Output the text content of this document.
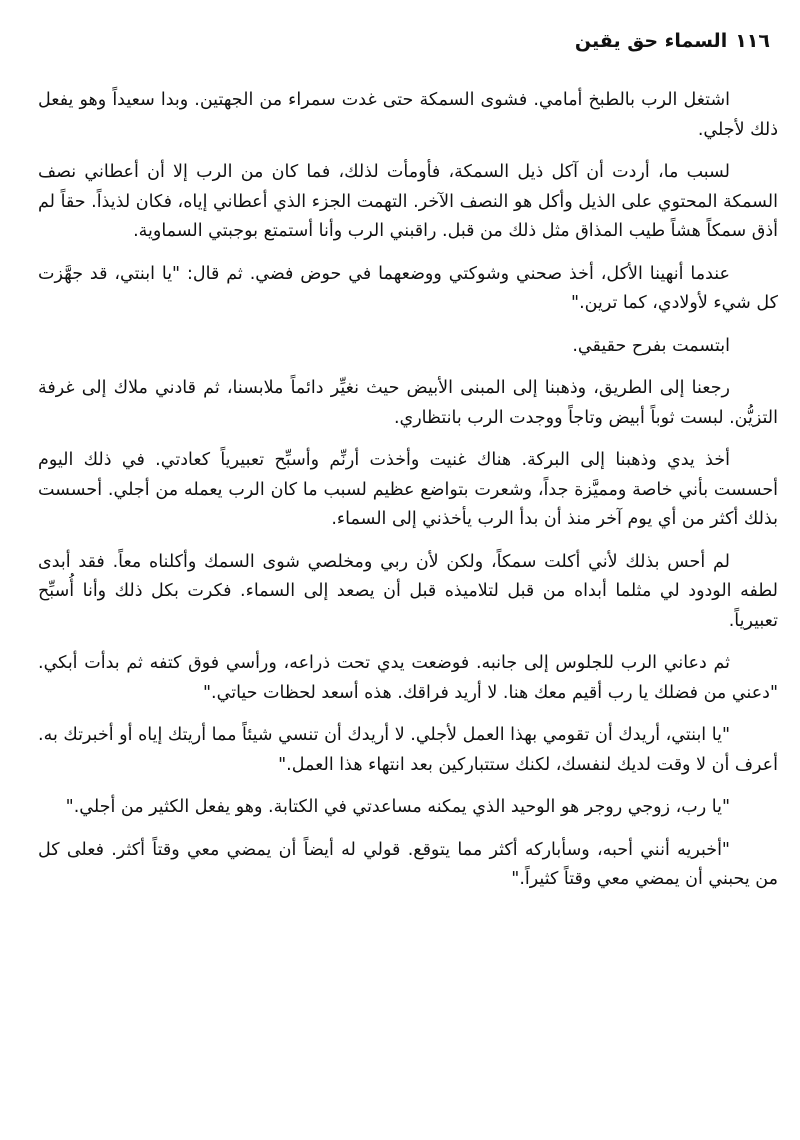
١١٦
السماء حق يقين

اشتغل الرب بالطبخ أمامي. فشوى السمكة حتى غدت سمراء من الجهتين. وبدا سعيداً وهو يفعل ذلك لأجلي.

لسبب ما، أردت أن آكل ذيل السمكة، فأومأت لذلك، فما كان من الرب إلا أن أعطاني نصف السمكة المحتوي على الذيل وأكل هو النصف الآخر. التهمت الجزء الذي أعطاني إياه، فكان لذيذاً. حقاً لم أذق سمكاً هشاً طيب المذاق مثل ذلك من قبل. راقبني الرب وأنا أستمتع بوجبتي السماوية.

عندما أنهينا الأكل، أخذ صحني وشوكتي ووضعهما في حوض فضي. ثم قال: "يا ابنتي، قد جهَّزت كل شيء لأولادي، كما ترين."

ابتسمت بفرح حقيقي.

رجعنا إلى الطريق، وذهبنا إلى المبنى الأبيض حيث نغيِّر دائماً ملابسنا، ثم قادني ملاك إلى غرفة التزيُّن. لبست ثوباً أبيض وتاجاً ووجدت الرب بانتظاري.

أخذ يدي وذهبنا إلى البركة. هناك غنيت وأخذت أرنِّم وأسبِّح تعبيرياً كعادتي. في ذلك اليوم أحسست بأني خاصة ومميَّزة جداً، وشعرت بتواضع عظيم لسبب ما كان الرب يعمله من أجلي. أحسست بذلك أكثر من أي يوم آخر منذ أن بدأ الرب يأخذني إلى السماء.

لم أحس بذلك لأني أكلت سمكاً، ولكن لأن ربي ومخلصي شوى السمك وأكلناه معاً. فقد أبدى لطفه الودود لي مثلما أبداه من قبل لتلاميذه قبل أن يصعد إلى السماء. فكرت بكل ذلك وأنا أُسبِّح تعبيرياً.

ثم دعاني الرب للجلوس إلى جانبه. فوضعت يدي تحت ذراعه، ورأسي فوق كتفه ثم بدأت أبكي. "دعني من فضلك يا رب أقيم معك هنا. لا أريد فراقك. هذه أسعد لحظات حياتي."

"يا ابنتي، أريدك أن تقومي بهذا العمل لأجلي. لا أريدك أن تنسي شيئاً مما أريتك إياه أو أخبرتك به. أعرف أن لا وقت لديك لنفسك، لكنك ستتباركين بعد انتهاء هذا العمل."

"يا رب، زوجي روجر هو الوحيد الذي يمكنه مساعدتي في الكتابة. وهو يفعل الكثير من أجلي."

"أخبريه أنني أحبه، وسأباركه أكثر مما يتوقع. قولي له أيضاً أن يمضي معي وقتاً أكثر. فعلى كل من يحبني أن يمضي معي وقتاً كثيراً."
